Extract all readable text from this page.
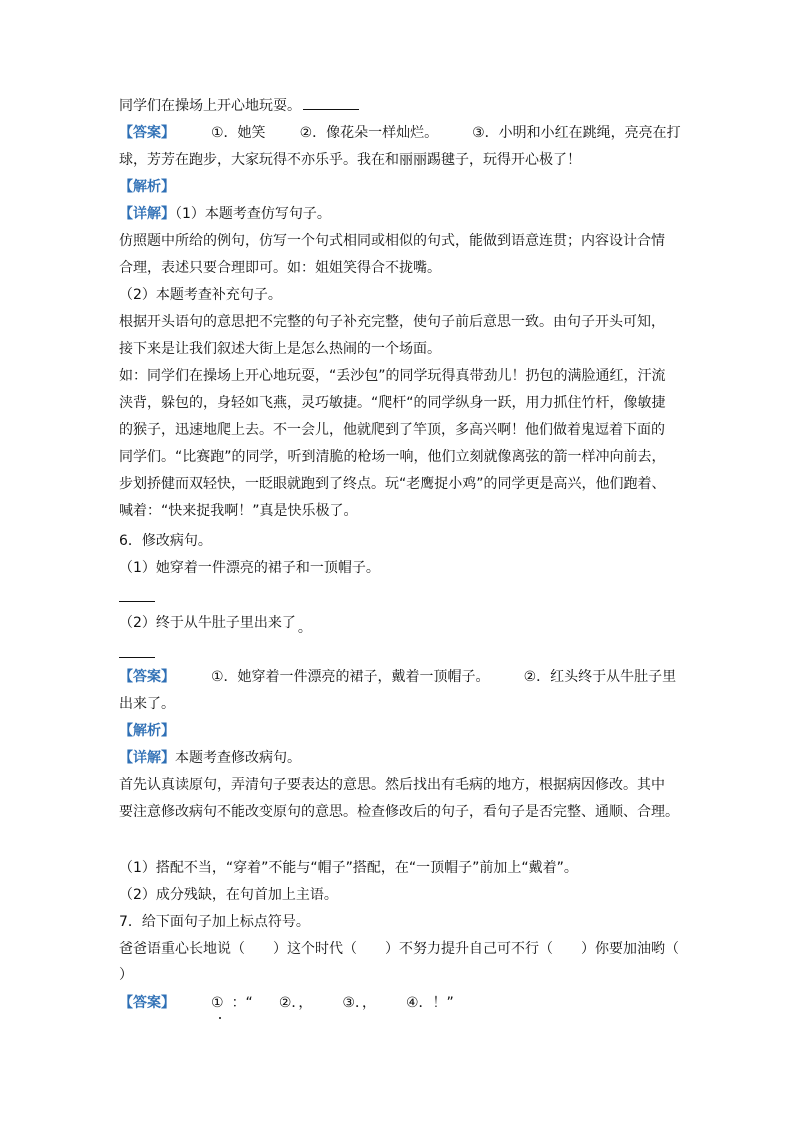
同学们在操场上开心地玩耍。
【答案】	①．她笑 ②．像花朵一样灿烂。 ③．小明和小红在跳绳，亮亮在打
球，芳芳在跑步，大家玩得不亦乐乎。我在和丽丽踢毽子，玩得开心极了！
【解析】
【详解】（1）本题考查仿写句子。
仿照题中所给的例句，仿写一个句式相同或相似的句式，能做到语意连贯；内容设计合情
合理，表述只要合理即可。如：姐姐笑得合不拢嘴。
（2）本题考查补充句子。
根据开头语句的意思把不完整的句子补充完整，使句子前后意思一致。由句子开头可知，
接下来是让我们叙述大街上是怎么热闹的一个场面。
如：同学们在操场上开心地玩耍，“丢沙包”的同学玩得真带劲儿！扔包的满脸通红，汗流
浃背，躲包的，身轻如飞燕，灵巧敏捷。“爬杆“的同学纵身一跃，用力抓住竹杆，像敏捷
的猴子，迅速地爬上去。不一会儿，他就爬到了竿顶，多高兴啊！他们做着鬼逗着下面的
同学们。“比赛跑”的同学，听到清脆的枪场一响，他们立刻就像离弦的箭一样冲向前去，
步划挢健而双轻快，一眨眼就跑到了终点。玩“老鹰捉小鸡”的同学更是高兴，他们跑着、
喊着：“快来捉我啊！”真是快乐极了。
6．修改病句。
（1）她穿着一件漂亮的裙子和一顶帽子。
（2）终于从牛肚子里出来了 。
【答案】	①．她穿着一件漂亮的裙子，戴着一顶帽子。 ②．红头终于从牛肚子里
出来了。
【解析】
【详解】本题考查修改病句。
首先认真读原句，弄清句子要表达的意思。然后找出有毛病的地方，根据病因修改。其中
要注意修改病句不能改变原句的意思。检查修改后的句子，看句子是否完整、通顺、合理。
（1）搭配不当，“穿着”不能与“帽子”搭配，在“一顶帽子”前加上“戴着”。
（2）成分残缺，在句首加上主语。
7．给下面句子加上标点符号。
爸爸语重心长地说（　　）这个时代（　　）不努力提升自己可不行（　　）你要加油哟（
）
【答案】	① ：“ ②．， ③．， ④．！”
